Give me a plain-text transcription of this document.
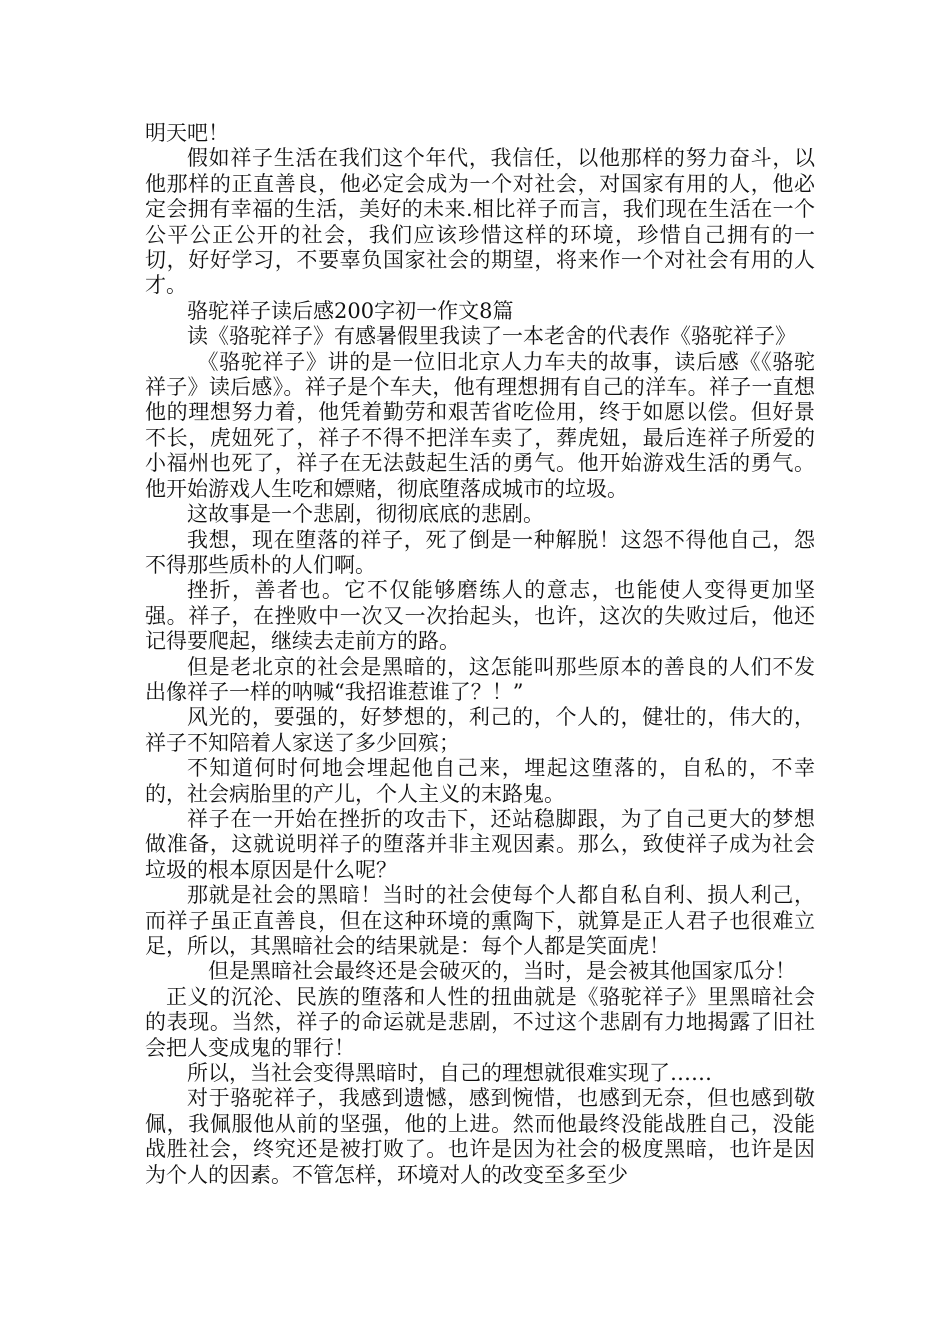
明天吧！

假如祥子生活在我们这个年代，我信任，以他那样的努力奋斗，以他那样的正直善良，他必定会成为一个对社会，对国家有用的人，他必定会拥有幸福的生活，美好的未来.相比祥子而言，我们现在生活在一个公平公正公开的社会，我们应该珍惜这样的环境，珍惜自己拥有的一切，好好学习，不要辜负国家社会的期望，将来作一个对社会有用的人才。

骆驼祥子读后感200字初一作文8篇

读《骆驼祥子》有感暑假里我读了一本老舍的代表作《骆驼祥子》

《骆驼祥子》讲的是一位旧北京人力车夫的故事，读后感《《骆驼祥子》读后感》。祥子是个车夫，他有理想拥有自己的洋车。祥子一直想他的理想努力着，他凭着勤劳和艰苦省吃俭用，终于如愿以偿。但好景不长，虎妞死了，祥子不得不把洋车卖了，葬虎妞，最后连祥子所爱的小福州也死了，祥子在无法鼓起生活的勇气。他开始游戏生活的勇气。他开始游戏人生吃和嫖赌，彻底堕落成城市的垃圾。

这故事是一个悲剧，彻彻底底的悲剧。

我想，现在堕落的祥子，死了倒是一种解脱！这怨不得他自己，怨不得那些质朴的人们啊。

挫折，善者也。它不仅能够磨练人的意志，也能使人变得更加坚强。祥子，在挫败中一次又一次抬起头，也许，这次的失败过后，他还记得要爬起，继续去走前方的路。

但是老北京的社会是黑暗的，这怎能叫那些原本的善良的人们不发出像祥子一样的呐喊“我招谁惹谁了？！”

风光的，要强的，好梦想的，利己的，个人的，健壮的，伟大的，祥子不知陪着人家送了多少回殡；

不知道何时何地会埋起他自己来，埋起这堕落的，自私的，不幸的，社会病胎里的产儿，个人主义的末路鬼。

祥子在一开始在挫折的攻击下，还站稳脚跟，为了自己更大的梦想做准备，这就说明祥子的堕落并非主观因素。那么，致使祥子成为社会垃圾的根本原因是什么呢？

那就是社会的黑暗！当时的社会使每个人都自私自利、损人利己，而祥子虽正直善良，但在这种环境的熏陶下，就算是正人君子也很难立足，所以，其黑暗社会的结果就是：每个人都是笑面虎！

但是黑暗社会最终还是会破灭的，当时，是会被其他国家瓜分！

正义的沉沦、民族的堕落和人性的扭曲就是《骆驼祥子》里黑暗社会的表现。当然，祥子的命运就是悲剧，不过这个悲剧有力地揭露了旧社会把人变成鬼的罪行！

所以，当社会变得黑暗时，自己的理想就很难实现了……

对于骆驼祥子，我感到遗憾，感到惋惜，也感到无奈，但也感到敬佩，我佩服他从前的坚强，他的上进。然而他最终没能战胜自己，没能战胜社会，终究还是被打败了。也许是因为社会的极度黑暗，也许是因为个人的因素。不管怎样，环境对人的改变至多至少
